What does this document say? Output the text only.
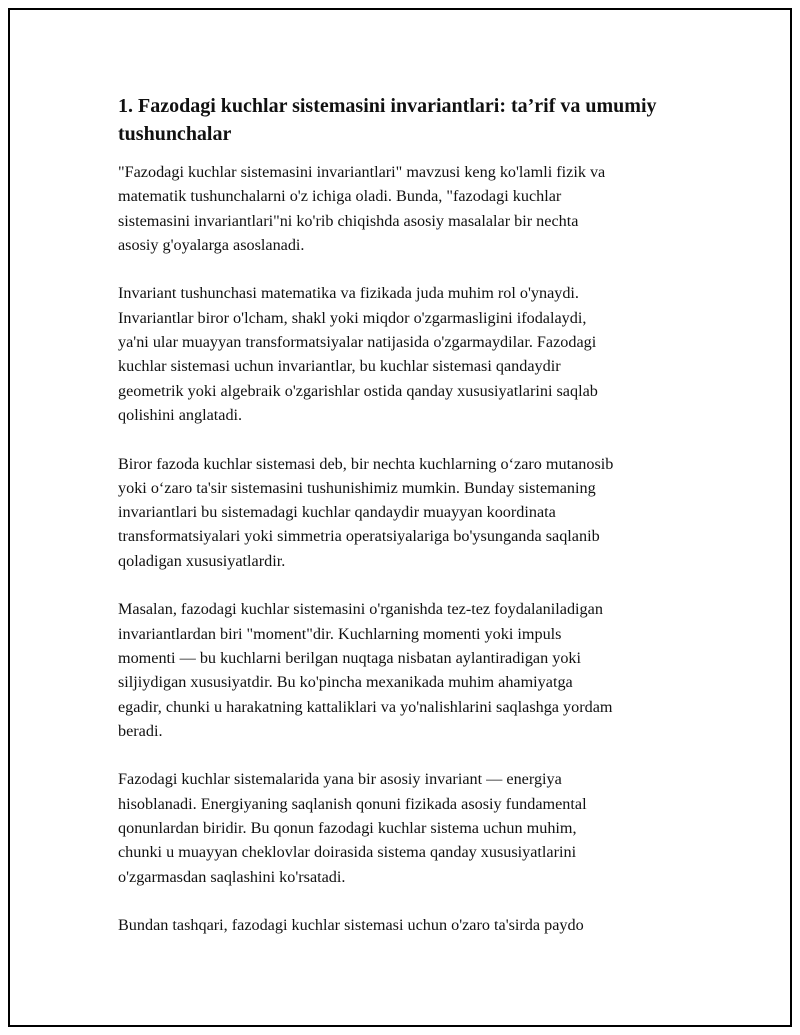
1. Fazodagi kuchlar sistemasini invariantlari: ta’rif va umumiy
tushunchalar

"Fazodagi kuchlar sistemasini invariantlari" mavzusi keng ko'lamli fizik va
matematik tushunchalarni o'z ichiga oladi. Bunda, "fazodagi kuchlar
sistemasini invariantlari"ni ko'rib chiqishda asosiy masalalar bir nechta
asosiy g'oyalarga asoslanadi.

Invariant tushunchasi matematika va fizikada juda muhim rol o'ynaydi.
Invariantlar biror o'lcham, shakl yoki miqdor o'zgarmasligini ifodalaydi,
ya'ni ular muayyan transformatsiyalar natijasida o'zgarmaydilar. Fazodagi
kuchlar sistemasi uchun invariantlar, bu kuchlar sistemasi qandaydir
geometrik yoki algebraik o'zgarishlar ostida qanday xususiyatlarini saqlab
qolishini anglatadi.

Biror fazoda kuchlar sistemasi deb, bir nechta kuchlarning o‘zaro mutanosib
yoki o‘zaro ta'sir sistemasini tushunishimiz mumkin. Bunday sistemaning
invariantlari bu sistemadagi kuchlar qandaydir muayyan koordinata
transformatsiyalari yoki simmetria operatsiyalariga bo'ysunganda saqlanib
qoladigan xususiyatlardir.

Masalan, fazodagi kuchlar sistemasini o'rganishda tez-tez foydalaniladigan
invariantlardan biri "moment"dir. Kuchlarning momenti yoki impuls
momenti — bu kuchlarni berilgan nuqtaga nisbatan aylantiradigan yoki
siljiydigan xususiyatdir. Bu ko'pincha mexanikada muhim ahamiyatga
egadir, chunki u harakatning kattaliklari va yo'nalishlarini saqlashga yordam
beradi.

Fazodagi kuchlar sistemalarida yana bir asosiy invariant — energiya
hisoblanadi. Energiyaning saqlanish qonuni fizikada asosiy fundamental
qonunlardan biridir. Bu qonun fazodagi kuchlar sistema uchun muhim,
chunki u muayyan cheklovlar doirasida sistema qanday xususiyatlarini
o'zgarmasdan saqlashini ko'rsatadi.

Bundan tashqari, fazodagi kuchlar sistemasi uchun o'zaro ta'sirda paydo
